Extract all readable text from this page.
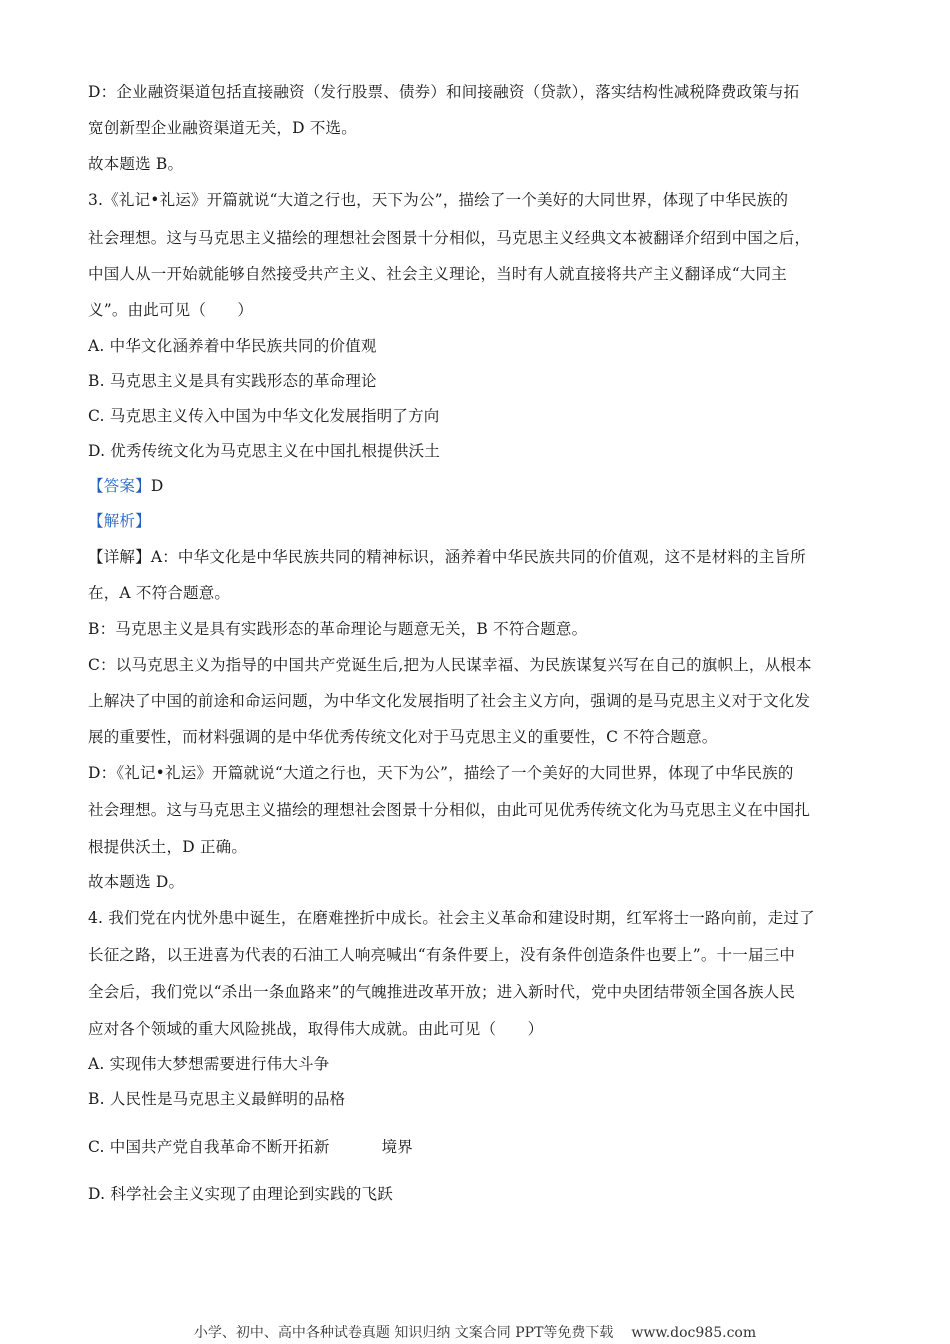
D：企业融资渠道包括直接融资（发行股票、债券）和间接融资（贷款），落实结构性减税降费政策与拓
宽创新型企业融资渠道无关，D 不选。
故本题选 B。
3.《礼记•礼运》开篇就说“大道之行也，天下为公”，描绘了一个美好的大同世界，体现了中华民族的
社会理想。这与马克思主义描绘的理想社会图景十分相似，马克思主义经典文本被翻译介绍到中国之后，
中国人从一开始就能够自然接受共产主义、社会主义理论，当时有人就直接将共产主义翻译成“大同主
义”。由此可见（　　）
A. 中华文化涵养着中华民族共同的价值观
B. 马克思主义是具有实践形态的革命理论
C. 马克思主义传入中国为中华文化发展指明了方向
D. 优秀传统文化为马克思主义在中国扎根提供沃土
【答案】D
【解析】
【详解】A：中华文化是中华民族共同的精神标识，涵养着中华民族共同的价值观，这不是材料的主旨所
在，A 不符合题意。
B：马克思主义是具有实践形态的革命理论与题意无关，B 不符合题意。
C：以马克思主义为指导的中国共产党诞生后,把为人民谋幸福、为民族谋复兴写在自己的旗帜上，从根本
上解决了中国的前途和命运问题，为中华文化发展指明了社会主义方向，强调的是马克思主义对于文化发
展的重要性，而材料强调的是中华优秀传统文化对于马克思主义的重要性，C 不符合题意。
D：《礼记•礼运》开篇就说“大道之行也，天下为公”，描绘了一个美好的大同世界，体现了中华民族的
社会理想。这与马克思主义描绘的理想社会图景十分相似，由此可见优秀传统文化为马克思主义在中国扎
根提供沃土，D 正确。
故本题选 D。
4. 我们党在内忧外患中诞生，在磨难挫折中成长。社会主义革命和建设时期，红军将士一路向前，走过了
长征之路，以王进喜为代表的石油工人响亮喊出“有条件要上，没有条件创造条件也要上”。十一届三中
全会后，我们党以“杀出一条血路来”的气魄推进改革开放；进入新时代，党中央团结带领全国各族人民
应对各个领域的重大风险挑战，取得伟大成就。由此可见（　　）
A. 实现伟大梦想需要进行伟大斗争
B. 人民性是马克思主义最鲜明的品格
C. 中国共产党自我革命不断开拓新	境界
D. 科学社会主义实现了由理论到实践的飞跃
小学、初中、高中各种试卷真题 知识归纳 文案合同 PPT等免费下载 www.doc985.com
